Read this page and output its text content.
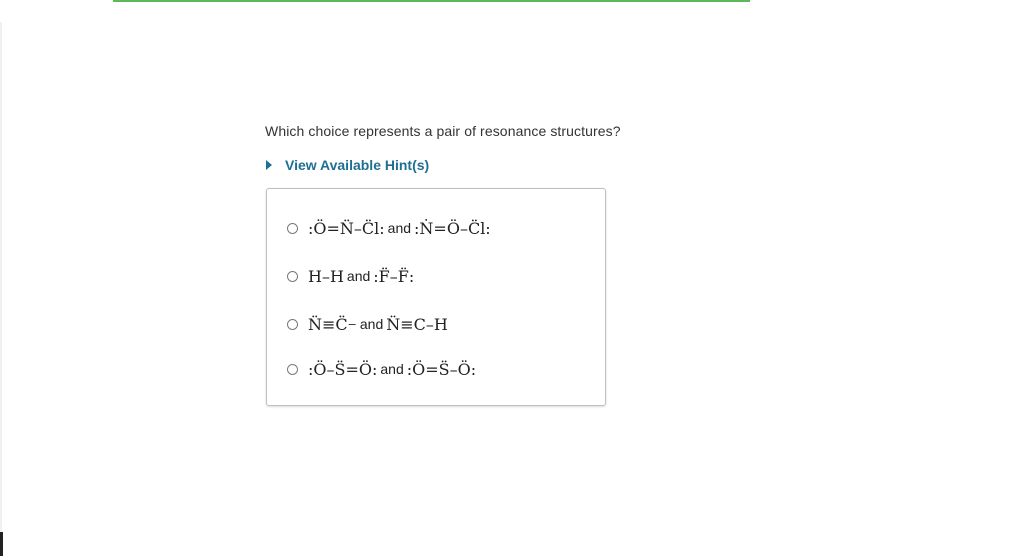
Which choice represents a pair of resonance structures?
View Available Hint(s)
:Ö=N̈–C̈l: and :Ṅ=Ö–C̈l:
H–H and :F̈–F̈:
N̈≡C̈ − and N̈≡C–H
:Ö–S̈=Ö: and :Ö=S̈–Ö:
